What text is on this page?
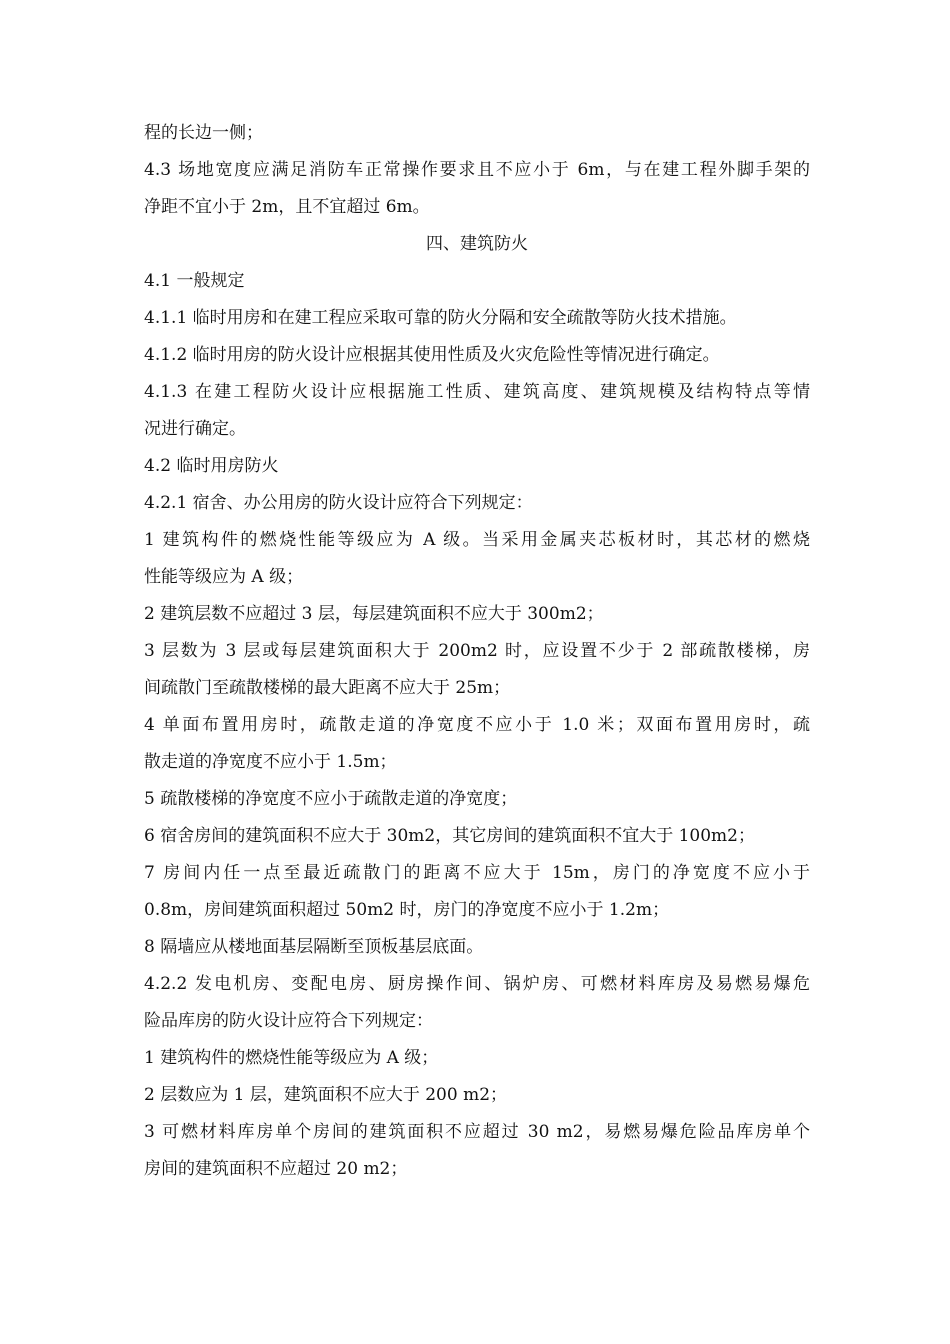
程的长边一侧；
4.3 场地宽度应满足消防车正常操作要求且不应小于 6m，与在建工程外脚手架的
净距不宜小于 2m，且不宜超过 6m。
四、建筑防火
4.1 一般规定
4.1.1 临时用房和在建工程应采取可靠的防火分隔和安全疏散等防火技术措施。
4.1.2 临时用房的防火设计应根据其使用性质及火灾危险性等情况进行确定。
4.1.3 在建工程防火设计应根据施工性质、建筑高度、建筑规模及结构特点等情
况进行确定。
4.2 临时用房防火
4.2.1 宿舍、办公用房的防火设计应符合下列规定：
1 建筑构件的燃烧性能等级应为 A 级。当采用金属夹芯板材时，其芯材的燃烧
性能等级应为 A 级；
2 建筑层数不应超过 3 层，每层建筑面积不应大于 300m2；
3 层数为 3 层或每层建筑面积大于 200m2 时，应设置不少于 2 部疏散楼梯，房
间疏散门至疏散楼梯的最大距离不应大于 25m；
4 单面布置用房时，疏散走道的净宽度不应小于 1.0 米；双面布置用房时，疏
散走道的净宽度不应小于 1.5m；
5 疏散楼梯的净宽度不应小于疏散走道的净宽度；
6 宿舍房间的建筑面积不应大于 30m2，其它房间的建筑面积不宜大于 100m2；
7 房间内任一点至最近疏散门的距离不应大于 15m，房门的净宽度不应小于
0.8m，房间建筑面积超过 50m2 时，房门的净宽度不应小于 1.2m；
8 隔墙应从楼地面基层隔断至顶板基层底面。
4.2.2 发电机房、变配电房、厨房操作间、锅炉房、可燃材料库房及易燃易爆危
险品库房的防火设计应符合下列规定：
1 建筑构件的燃烧性能等级应为 A 级；
2 层数应为 1 层，建筑面积不应大于 200 m2；
3 可燃材料库房单个房间的建筑面积不应超过 30 m2，易燃易爆危险品库房单个
房间的建筑面积不应超过 20 m2；
